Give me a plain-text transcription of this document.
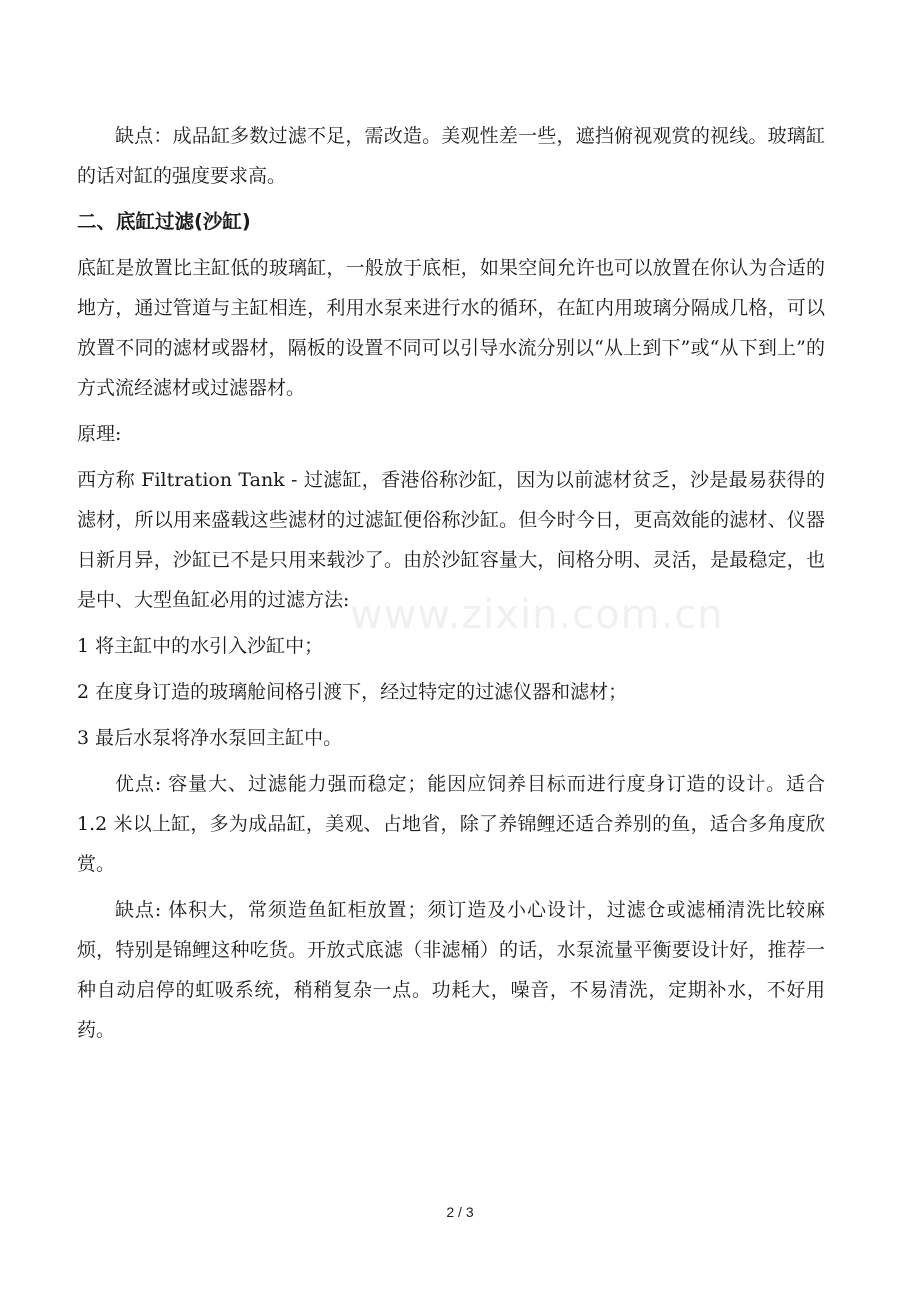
www.zixin.com.cn

缺点：成品缸多数过滤不足，需改造。美观性差一些，遮挡俯视观赏的视线。玻璃缸的话对缸的强度要求高。

二、底缸过滤(沙缸)

底缸是放置比主缸低的玻璃缸，一般放于底柜，如果空间允许也可以放置在你认为合适的地方，通过管道与主缸相连，利用水泵来进行水的循环，在缸内用玻璃分隔成几格，可以放置不同的滤材或器材，隔板的设置不同可以引导水流分别以“从上到下”或“从下到上”的方式流经滤材或过滤器材。

原理:

西方称 Filtration Tank - 过滤缸，香港俗称沙缸，因为以前滤材贫乏，沙是最易获得的滤材，所以用来盛载这些滤材的过滤缸便俗称沙缸。但今时今日，更高效能的滤材、仪器日新月异，沙缸已不是只用来载沙了。由於沙缸容量大，间格分明、灵活，是最稳定，也是中、大型鱼缸必用的过滤方法:

1 将主缸中的水引入沙缸中；

2 在度身订造的玻璃舱间格引渡下，经过特定的过滤仪器和滤材；

3 最后水泵将净水泵回主缸中。

优点: 容量大、过滤能力强而稳定；能因应饲养目标而进行度身订造的设计。适合 1.2 米以上缸，多为成品缸，美观、占地省，除了养锦鲤还适合养别的鱼，适合多角度欣赏。

缺点: 体积大，常须造鱼缸柜放置；须订造及小心设计，过滤仓或滤桶清洗比较麻烦，特别是锦鲤这种吃货。开放式底滤（非滤桶）的话，水泵流量平衡要设计好，推荐一种自动启停的虹吸系统，稍稍复杂一点。功耗大，噪音，不易清洗，定期补水，不好用药。

2 / 3
